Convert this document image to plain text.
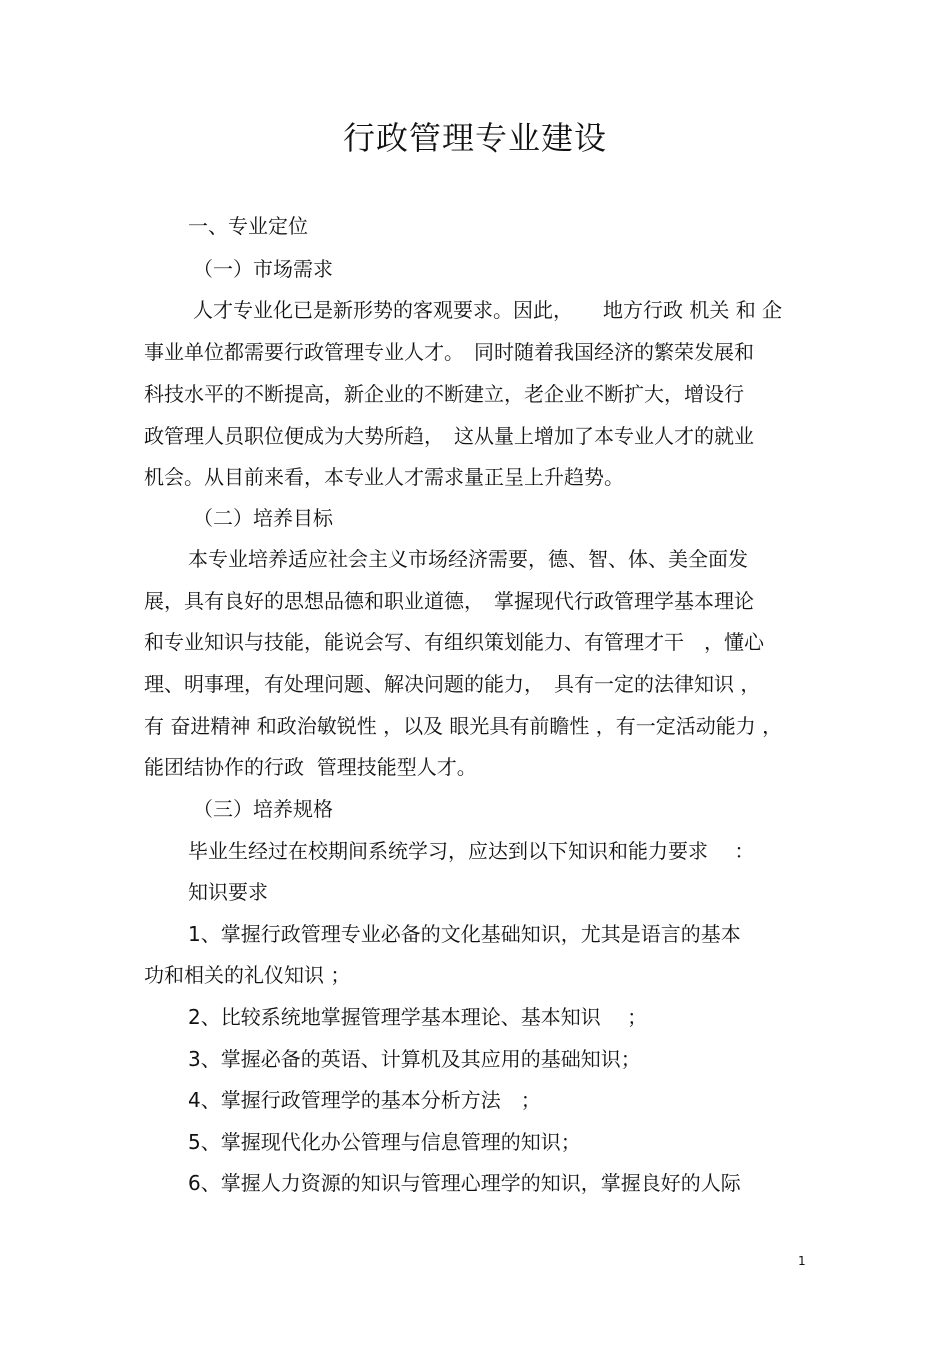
行政管理专业建设

一、专业定位

（一）市场需求

人才专业化已是新形势的客观要求。因此，　　地方行政 机关 和 企

事业单位都需要行政管理专业人才。　同时随着我国经济的繁荣发展和

科技水平的不断提高，新企业的不断建立，老企业不断扩大，增设行

政管理人员职位便成为大势所趋，　这从量上增加了本专业人才的就业

机会。从目前来看，本专业人才需求量正呈上升趋势。

（二）培养目标

本专业培养适应社会主义市场经济需要，德、智、体、美全面发

展，具有良好的思想品德和职业道德，　掌握现代行政管理学基本理论

和专业知识与技能，能说会写、有组织策划能力、有管理才干　，懂心

理、明事理，有处理问题、解决问题的能力，　具有一定的法律知识 ，

有 奋进精神 和政治敏锐性 ，以及 眼光具有前瞻性 ，有一定活动能力 ，

能团结协作的行政  管理技能型人才。

（三）培养规格

毕业生经过在校期间系统学习，应达到以下知识和能力要求　 ：

知识要求

1、掌握行政管理专业必备的文化基础知识，尤其是语言的基本

功和相关的礼仪知识 ；

2、比较系统地掌握管理学基本理论、基本知识　 ；

3、掌握必备的英语、计算机及其应用的基础知识；

4、掌握行政管理学的基本分析方法　；

5、掌握现代化办公管理与信息管理的知识；

6、掌握人力资源的知识与管理心理学的知识，掌握良好的人际

1
